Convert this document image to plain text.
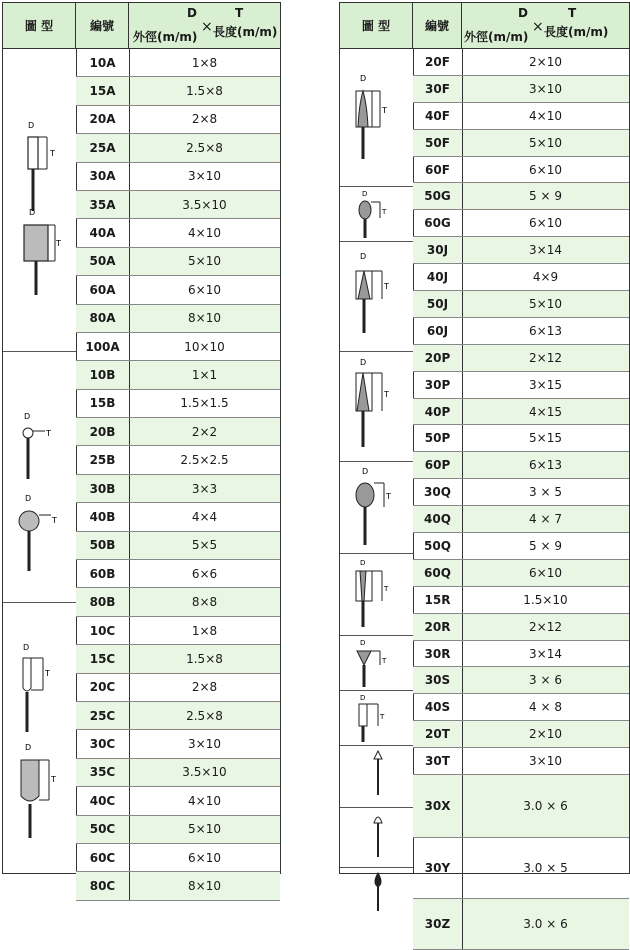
圖 型	編號
D	T
×
外徑(m/m) 長度(m/m)
D
T
D
T
D
T
D
T
D
T
D
T
10A	1×8
15A	1.5×8
20A	2×8
25A	2.5×8
30A	3×10
35A	3.5×10
40A	4×10
50A	5×10
60A	6×10
80A	8×10
100A	10×10
10B	1×1
15B	1.5×1.5
20B	2×2
25B	2.5×2.5
30B	3×3
40B	4×4
50B	5×5
60B	6×6
80B	8×8
10C	1×8
15C	1.5×8
20C	2×8
25C	2.5×8
30C	3×10
35C	3.5×10
40C	4×10
50C	5×10
60C	6×10
80C	8×10
圖 型	編號
D	T
×
外徑(m/m) 長度(m/m)
D
T
D
T
D
T
D
T
D
T
D
T
D
T
D
T
20F	2×10
30F	3×10
40F	4×10
50F	5×10
60F	6×10
50G	5 × 9
60G	6×10
30J	3×14
40J	4×9
50J	5×10
60J	6×13
20P	2×12
30P	3×15
40P	4×15
50P	5×15
60P	6×13
30Q	3 × 5
40Q	4 × 7
50Q	5 × 9
60Q	6×10
15R	1.5×10
20R	2×12
30R	3×14
30S	3 × 6
40S	4 × 8
20T	2×10
30T	3×10
30X	3.0 × 6
30Y	3.0 × 5
30Z	3.0 × 6
